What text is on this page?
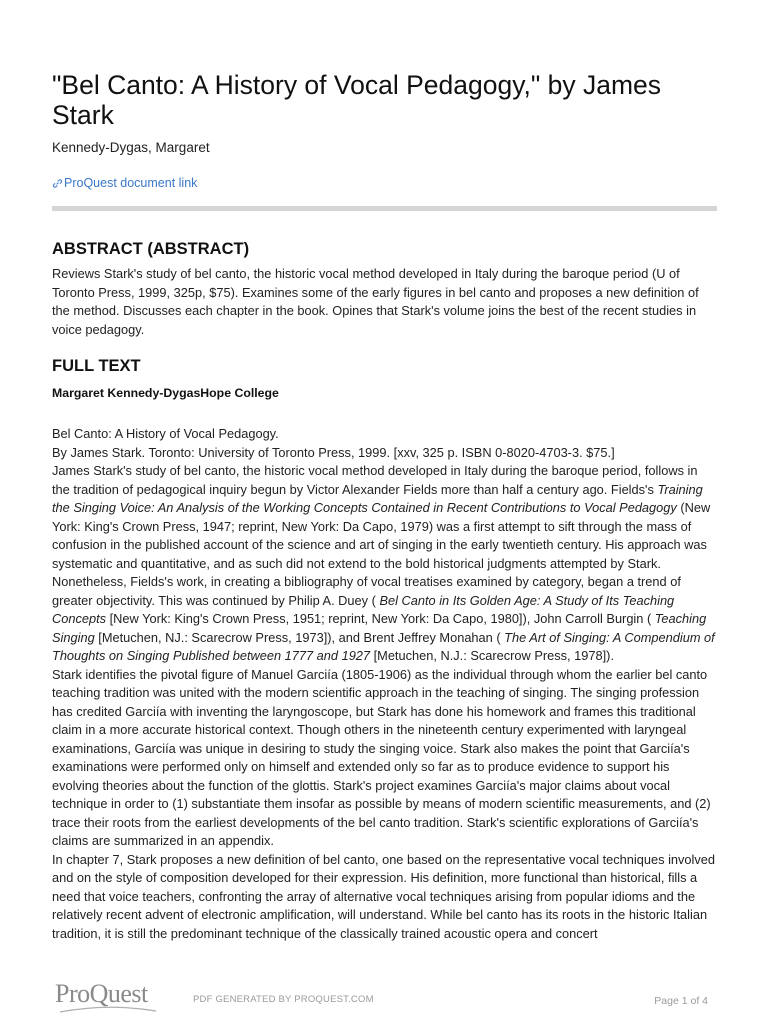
"Bel Canto: A History of Vocal Pedagogy," by James Stark
Kennedy-Dygas, Margaret
ProQuest document link
ABSTRACT (ABSTRACT)

Reviews Stark's study of bel canto, the historic vocal method developed in Italy during the baroque period (U of Toronto Press, 1999, 325p, $75). Examines some of the early figures in bel canto and proposes a new definition of the method. Discusses each chapter in the book. Opines that Stark's volume joins the best of the recent studies in voice pedagogy.

FULL TEXT
Margaret Kennedy-DygasHope College

Bel Canto: A History of Vocal Pedagogy.

By James Stark. Toronto: University of Toronto Press, 1999. [xxv, 325 p. ISBN 0-8020-4703-3. $75.]

James Stark's study of bel canto, the historic vocal method developed in Italy during the baroque period, follows in the tradition of pedagogical inquiry begun by Victor Alexander Fields more than half a century ago. Fields's Training the Singing Voice: An Analysis of the Working Concepts Contained in Recent Contributions to Vocal Pedagogy (New York: King's Crown Press, 1947; reprint, New York: Da Capo, 1979) was a first attempt to sift through the mass of confusion in the published account of the science and art of singing in the early twentieth century. His approach was systematic and quantitative, and as such did not extend to the bold historical judgments attempted by Stark. Nonetheless, Fields's work, in creating a bibliography of vocal treatises examined by category, began a trend of greater objectivity. This was continued by Philip A. Duey ( Bel Canto in Its Golden Age: A Study of Its Teaching Concepts [New York: King's Crown Press, 1951; reprint, New York: Da Capo, 1980]), John Carroll Burgin ( Teaching Singing [Metuchen, NJ.: Scarecrow Press, 1973]), and Brent Jeffrey Monahan ( The Art of Singing: A Compendium of Thoughts on Singing Published between 1777 and 1927 [Metuchen, N.J.: Scarecrow Press, 1978]).

Stark identifies the pivotal figure of Manuel Garciía (1805-1906) as the individual through whom the earlier bel canto teaching tradition was united with the modern scientific approach in the teaching of singing. The singing profession has credited Garciía with inventing the laryngoscope, but Stark has done his homework and frames this traditional claim in a more accurate historical context. Though others in the nineteenth century experimented with laryngeal examinations, Garciía was unique in desiring to study the singing voice. Stark also makes the point that Garciía's examinations were performed only on himself and extended only so far as to produce evidence to support his evolving theories about the function of the glottis. Stark's project examines Garciía's major claims about vocal technique in order to (1) substantiate them insofar as possible by means of modern scientific measurements, and (2) trace their roots from the earliest developments of the bel canto tradition. Stark's scientific explorations of Garciía's claims are summarized in an appendix.

In chapter 7, Stark proposes a new definition of bel canto, one based on the representative vocal techniques involved and on the style of composition developed for their expression. His definition, more functional than historical, fills a need that voice teachers, confronting the array of alternative vocal techniques arising from popular idioms and the relatively recent advent of electronic amplification, will understand. While bel canto has its roots in the historic Italian tradition, it is still the predominant technique of the classically trained acoustic opera and concert

ProQuest	PDF GENERATED BY PROQUEST.COM	Page 1 of 4
